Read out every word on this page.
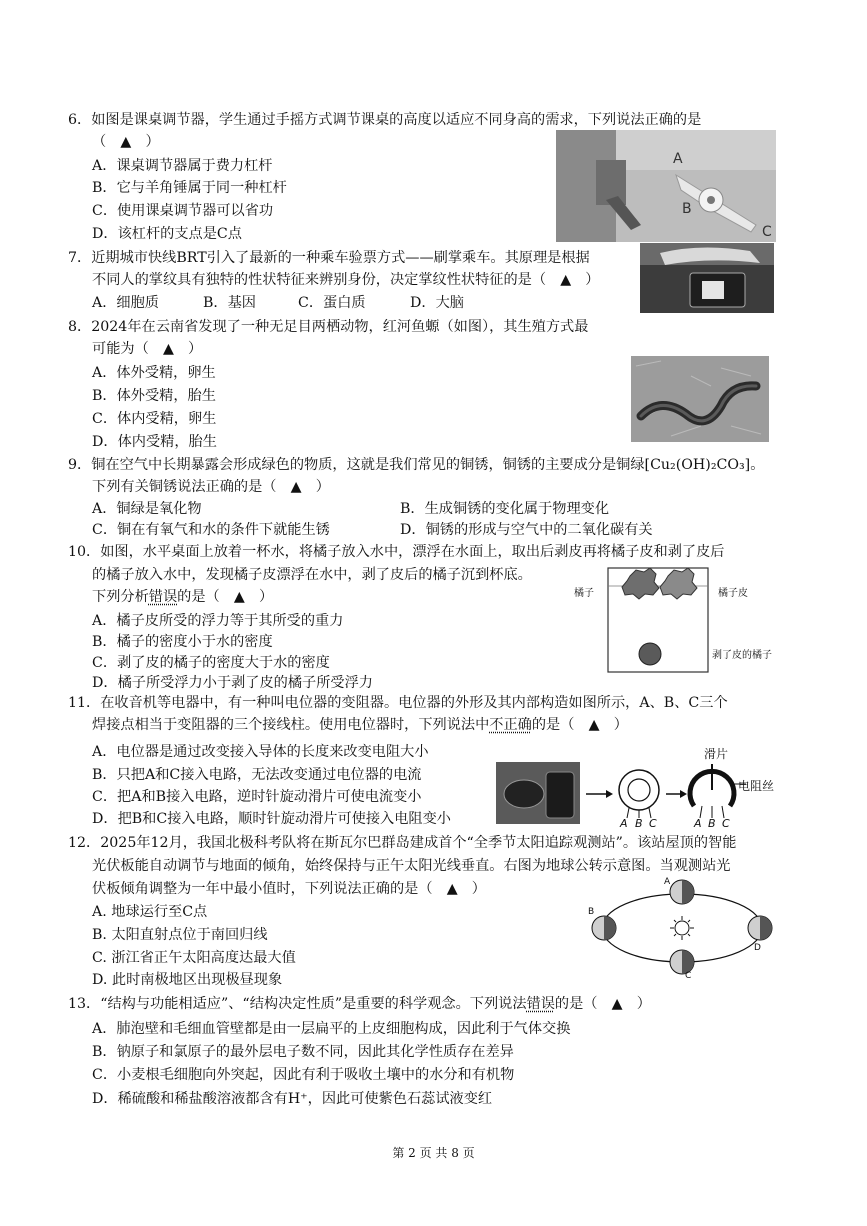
6．如图是课桌调节器，学生通过手摇方式调节课桌的高度以适应不同身高的需求，下列说法正确的是
（　▲　）
A．课桌调节器属于费力杠杆
B．它与羊角锤属于同一种杠杆
C．使用课桌调节器可以省功
D．该杠杆的支点是C点
A
B
C
7．近期城市快线BRT引入了最新的一种乘车验票方式——刷掌乘车。其原理是根据
不同人的掌纹具有独特的性状特征来辨别身份，决定掌纹性状特征的是（　▲　）
A．细胞质	B．基因	C．蛋白质	D．大脑
8．2024年在云南省发现了一种无足目两栖动物，红河鱼螈（如图），其生殖方式最
可能为（　▲　）
A．体外受精，卵生
B．体外受精，胎生
C．体内受精，卵生
D．体内受精，胎生
9．铜在空气中长期暴露会形成绿色的物质，这就是我们常见的铜锈，铜锈的主要成分是铜绿[Cu₂(OH)₂CO₃]。
下列有关铜锈说法正确的是（　▲　）
A．铜绿是氧化物	B．生成铜锈的变化属于物理变化
C．铜在有氧气和水的条件下就能生锈	D．铜锈的形成与空气中的二氧化碳有关
10．如图，水平桌面上放着一杯水，将橘子放入水中，漂浮在水面上，取出后剥皮再将橘子皮和剥了皮后
的橘子放入水中，发现橘子皮漂浮在水中，剥了皮后的橘子沉到杯底。
下列分析错误的是（　▲　）
A．橘子皮所受的浮力等于其所受的重力
B．橘子的密度小于水的密度
C．剥了皮的橘子的密度大于水的密度
D．橘子所受浮力小于剥了皮的橘子所受浮力
橘子	橘子皮
剥了皮的橘子
11．在收音机等电器中，有一种叫电位器的变阻器。电位器的外形及其内部构造如图所示，A、B、C三个
焊接点相当于变阻器的三个接线柱。使用电位器时，下列说法中不正确的是（　▲　）
A．电位器是通过改变接入导体的长度来改变电阻大小
B．只把A和C接入电路，无法改变通过电位器的电流
C．把A和B接入电路，逆时针旋动滑片可使电流变小
D．把B和C接入电路，顺时针旋动滑片可使接入电阻变小	A B C
滑片
电阻丝
A B C
12．2025年12月，我国北极科考队将在斯瓦尔巴群岛建成首个“全季节太阳追踪观测站”。该站屋顶的智能
光伏板能自动调节与地面的倾角，始终保持与正午太阳光线垂直。右图为地球公转示意图。当观测站光
伏板倾角调整为一年中最小值时，下列说法正确的是（　▲　）
A. 地球运行至C点
B. 太阳直射点位于南回归线
C. 浙江省正午太阳高度达最大值
D. 此时南极地区出现极昼现象
A
B
C
D
13．“结构与功能相适应”、“结构决定性质”是重要的科学观念。下列说法错误的是（　▲　）
A．肺泡壁和毛细血管壁都是由一层扁平的上皮细胞构成，因此利于气体交换
B．钠原子和氯原子的最外层电子数不同，因此其化学性质存在差异
C．小麦根毛细胞向外突起，因此有利于吸收土壤中的水分和有机物
D．稀硫酸和稀盐酸溶液都含有H⁺，因此可使紫色石蕊试液变红
第 2 页 共 8 页
